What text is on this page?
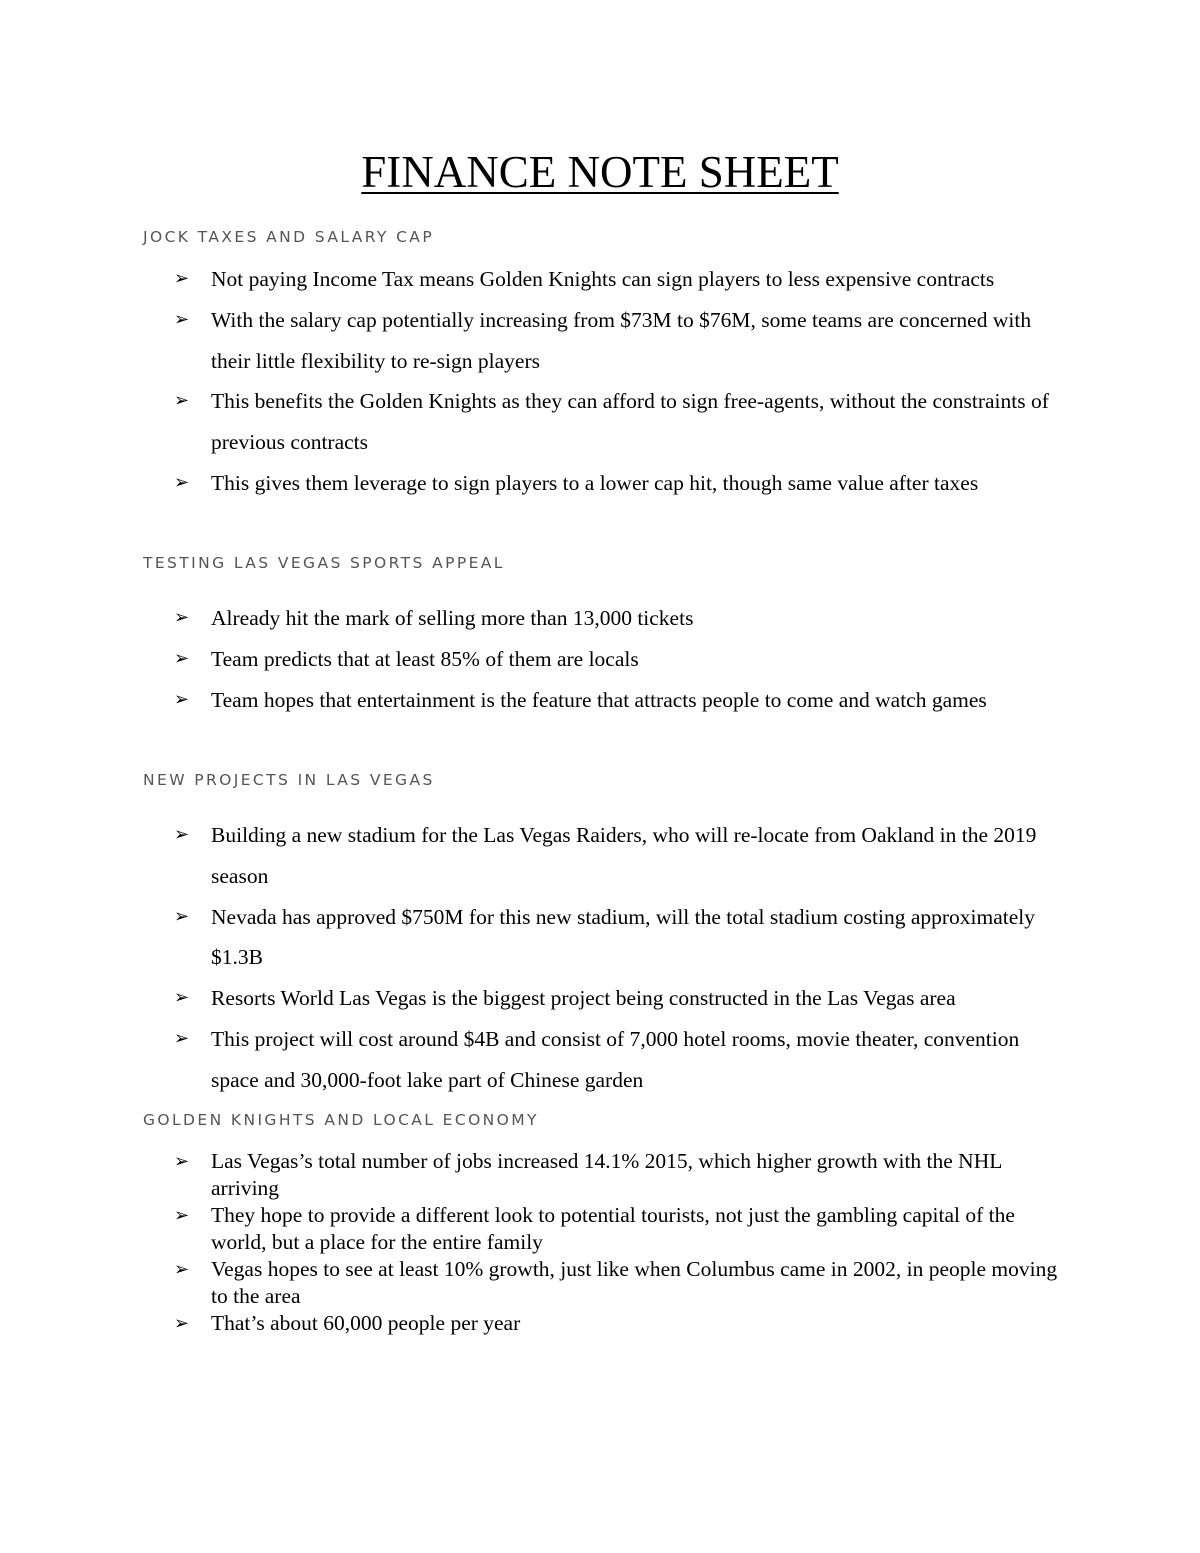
FINANCE NOTE SHEET
JOCK TAXES AND SALARY CAP
➢ Not paying Income Tax means Golden Knights can sign players to less expensive contracts
➢ With the salary cap potentially increasing from $73M to $76M, some teams are concerned with their little flexibility to re-sign players
➢ This benefits the Golden Knights as they can afford to sign free-agents, without the constraints of previous contracts
➢ This gives them leverage to sign players to a lower cap hit, though same value after taxes
TESTING LAS VEGAS SPORTS APPEAL
➢ Already hit the mark of selling more than 13,000 tickets
➢ Team predicts that at least 85% of them are locals
➢ Team hopes that entertainment is the feature that attracts people to come and watch games
NEW PROJECTS IN LAS VEGAS
➢ Building a new stadium for the Las Vegas Raiders, who will re-locate from Oakland in the 2019 season
➢ Nevada has approved $750M for this new stadium, will the total stadium costing approximately $1.3B
➢ Resorts World Las Vegas is the biggest project being constructed in the Las Vegas area
➢ This project will cost around $4B and consist of 7,000 hotel rooms, movie theater, convention space and 30,000-foot lake part of Chinese garden
GOLDEN KNIGHTS AND LOCAL ECONOMY
➢ Las Vegas’s total number of jobs increased 14.1% 2015, which higher growth with the NHL arriving
➢ They hope to provide a different look to potential tourists, not just the gambling capital of the world, but a place for the entire family
➢ Vegas hopes to see at least 10% growth, just like when Columbus came in 2002, in people moving to the area
➢ That’s about 60,000 people per year
